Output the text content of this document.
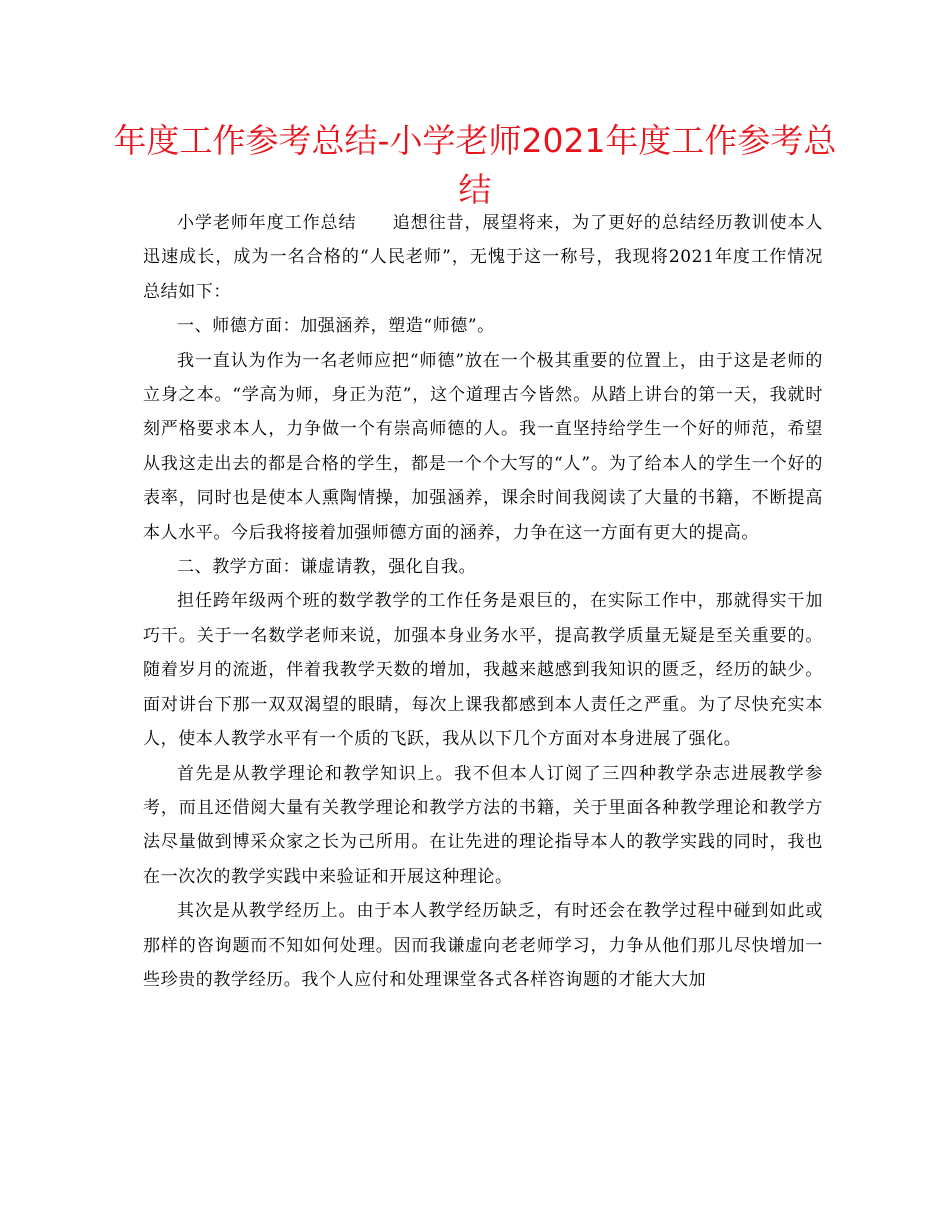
年度工作参考总结-小学老师2021年度工作参考总结

小学老师年度工作总结 追想往昔，展望将来，为了更好的总结经历教训使本人迅速成长，成为一名合格的“人民老师”，无愧于这一称号，我现将2021年度工作情况总结如下：

一、师德方面：加强涵养，塑造“师德”。

我一直认为作为一名老师应把“师德”放在一个极其重要的位置上，由于这是老师的立身之本。“学高为师，身正为范”，这个道理古今皆然。从踏上讲台的第一天，我就时刻严格要求本人，力争做一个有崇高师德的人。我一直坚持给学生一个好的师范，希望从我这走出去的都是合格的学生，都是一个个大写的“人”。为了给本人的学生一个好的表率，同时也是使本人熏陶情操，加强涵养，课余时间我阅读了大量的书籍，不断提高本人水平。今后我将接着加强师德方面的涵养，力争在这一方面有更大的提高。

二、教学方面：谦虚请教，强化自我。

担任跨年级两个班的数学教学的工作任务是艰巨的，在实际工作中，那就得实干加巧干。关于一名数学老师来说，加强本身业务水平，提高教学质量无疑是至关重要的。随着岁月的流逝，伴着我教学天数的增加，我越来越感到我知识的匮乏，经历的缺少。面对讲台下那一双双渴望的眼睛，每次上课我都感到本人责任之严重。为了尽快充实本人，使本人教学水平有一个质的飞跃，我从以下几个方面对本身进展了强化。

首先是从教学理论和教学知识上。我不但本人订阅了三四种教学杂志进展教学参考，而且还借阅大量有关教学理论和教学方法的书籍，关于里面各种教学理论和教学方法尽量做到博采众家之长为己所用。在让先进的理论指导本人的教学实践的同时，我也在一次次的教学实践中来验证和开展这种理论。

其次是从教学经历上。由于本人教学经历缺乏，有时还会在教学过程中碰到如此或那样的咨询题而不知如何处理。因而我谦虚向老老师学习，力争从他们那儿尽快增加一些珍贵的教学经历。我个人应付和处理课堂各式各样咨询题的才能大大加
